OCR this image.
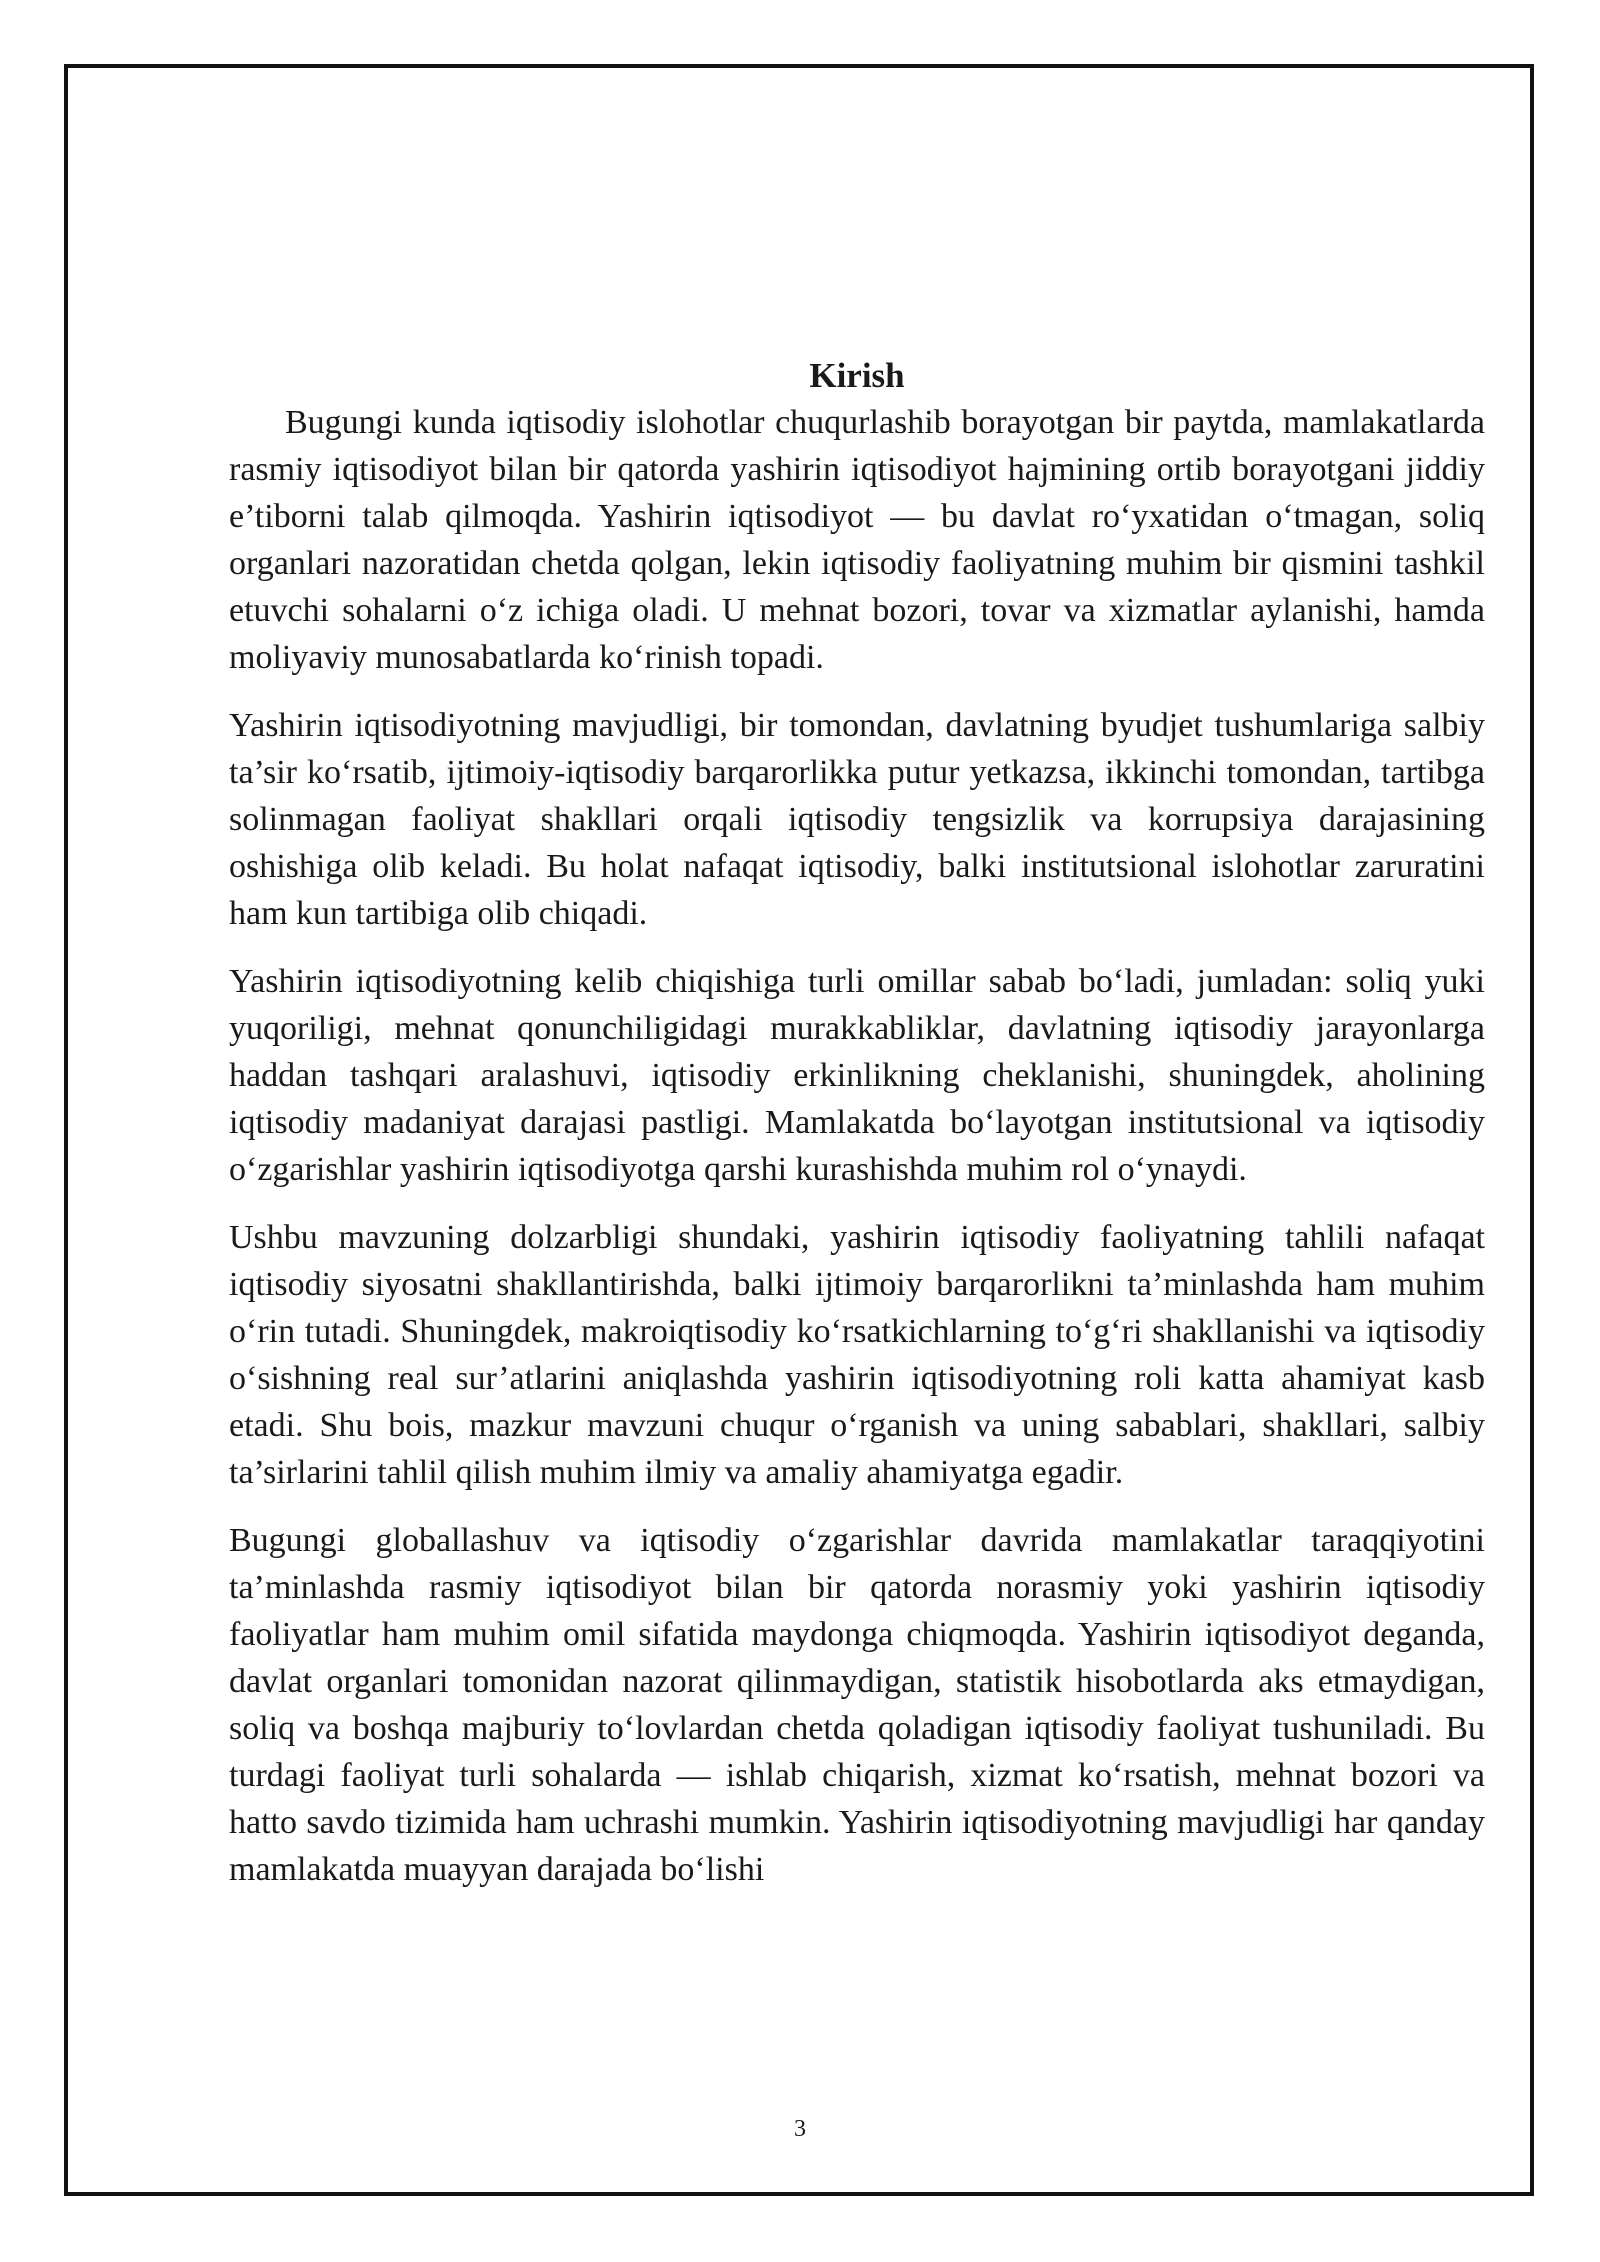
Kirish

Bugungi kunda iqtisodiy islohotlar chuqurlashib borayotgan bir paytda, mamlakatlarda rasmiy iqtisodiyot bilan bir qatorda yashirin iqtisodiyot hajmining ortib borayotgani jiddiy e’tiborni talab qilmoqda. Yashirin iqtisodiyot — bu davlat ro‘yxatidan o‘tmagan, soliq organlari nazoratidan chetda qolgan, lekin iqtisodiy faoliyatning muhim bir qismini tashkil etuvchi sohalarni o‘z ichiga oladi. U mehnat bozori, tovar va xizmatlar aylanishi, hamda moliyaviy munosabatlarda ko‘rinish topadi.

Yashirin iqtisodiyotning mavjudligi, bir tomondan, davlatning byudjet tushumlariga salbiy ta’sir ko‘rsatib, ijtimoiy-iqtisodiy barqarorlikka putur yetkazsa, ikkinchi tomondan, tartibga solinmagan faoliyat shakllari orqali iqtisodiy tengsizlik va korrupsiya darajasining oshishiga olib keladi. Bu holat nafaqat iqtisodiy, balki institutsional islohotlar zaruratini ham kun tartibiga olib chiqadi.

Yashirin iqtisodiyotning kelib chiqishiga turli omillar sabab bo‘ladi, jumladan: soliq yuki yuqoriligi, mehnat qonunchiligidagi murakkabliklar, davlatning iqtisodiy jarayonlarga haddan tashqari aralashuvi, iqtisodiy erkinlikning cheklanishi, shuningdek, aholining iqtisodiy madaniyat darajasi pastligi. Mamlakatda bo‘layotgan institutsional va iqtisodiy o‘zgarishlar yashirin iqtisodiyotga qarshi kurashishda muhim rol o‘ynaydi.

Ushbu mavzuning dolzarbligi shundaki, yashirin iqtisodiy faoliyatning tahlili nafaqat iqtisodiy siyosatni shakllantirishda, balki ijtimoiy barqarorlikni ta’minlashda ham muhim o‘rin tutadi. Shuningdek, makroiqtisodiy ko‘rsatkichlarning to‘g‘ri shakllanishi va iqtisodiy o‘sishning real sur’atlarini aniqlashda yashirin iqtisodiyotning roli katta ahamiyat kasb etadi. Shu bois, mazkur mavzuni chuqur o‘rganish va uning sabablari, shakllari, salbiy ta’sirlarini tahlil qilish muhim ilmiy va amaliy ahamiyatga egadir.

Bugungi globallashuv va iqtisodiy o‘zgarishlar davrida mamlakatlar taraqqiyotini ta’minlashda rasmiy iqtisodiyot bilan bir qatorda norasmiy yoki yashirin iqtisodiy faoliyatlar ham muhim omil sifatida maydonga chiqmoqda. Yashirin iqtisodiyot deganda, davlat organlari tomonidan nazorat qilinmaydigan, statistik hisobotlarda aks etmaydigan, soliq va boshqa majburiy to‘lovlardan chetda qoladigan iqtisodiy faoliyat tushuniladi. Bu turdagi faoliyat turli sohalarda — ishlab chiqarish, xizmat ko‘rsatish, mehnat bozori va hatto savdo tizimida ham uchrashi mumkin. Yashirin iqtisodiyotning mavjudligi har qanday mamlakatda muayyan darajada bo‘lishi

3
